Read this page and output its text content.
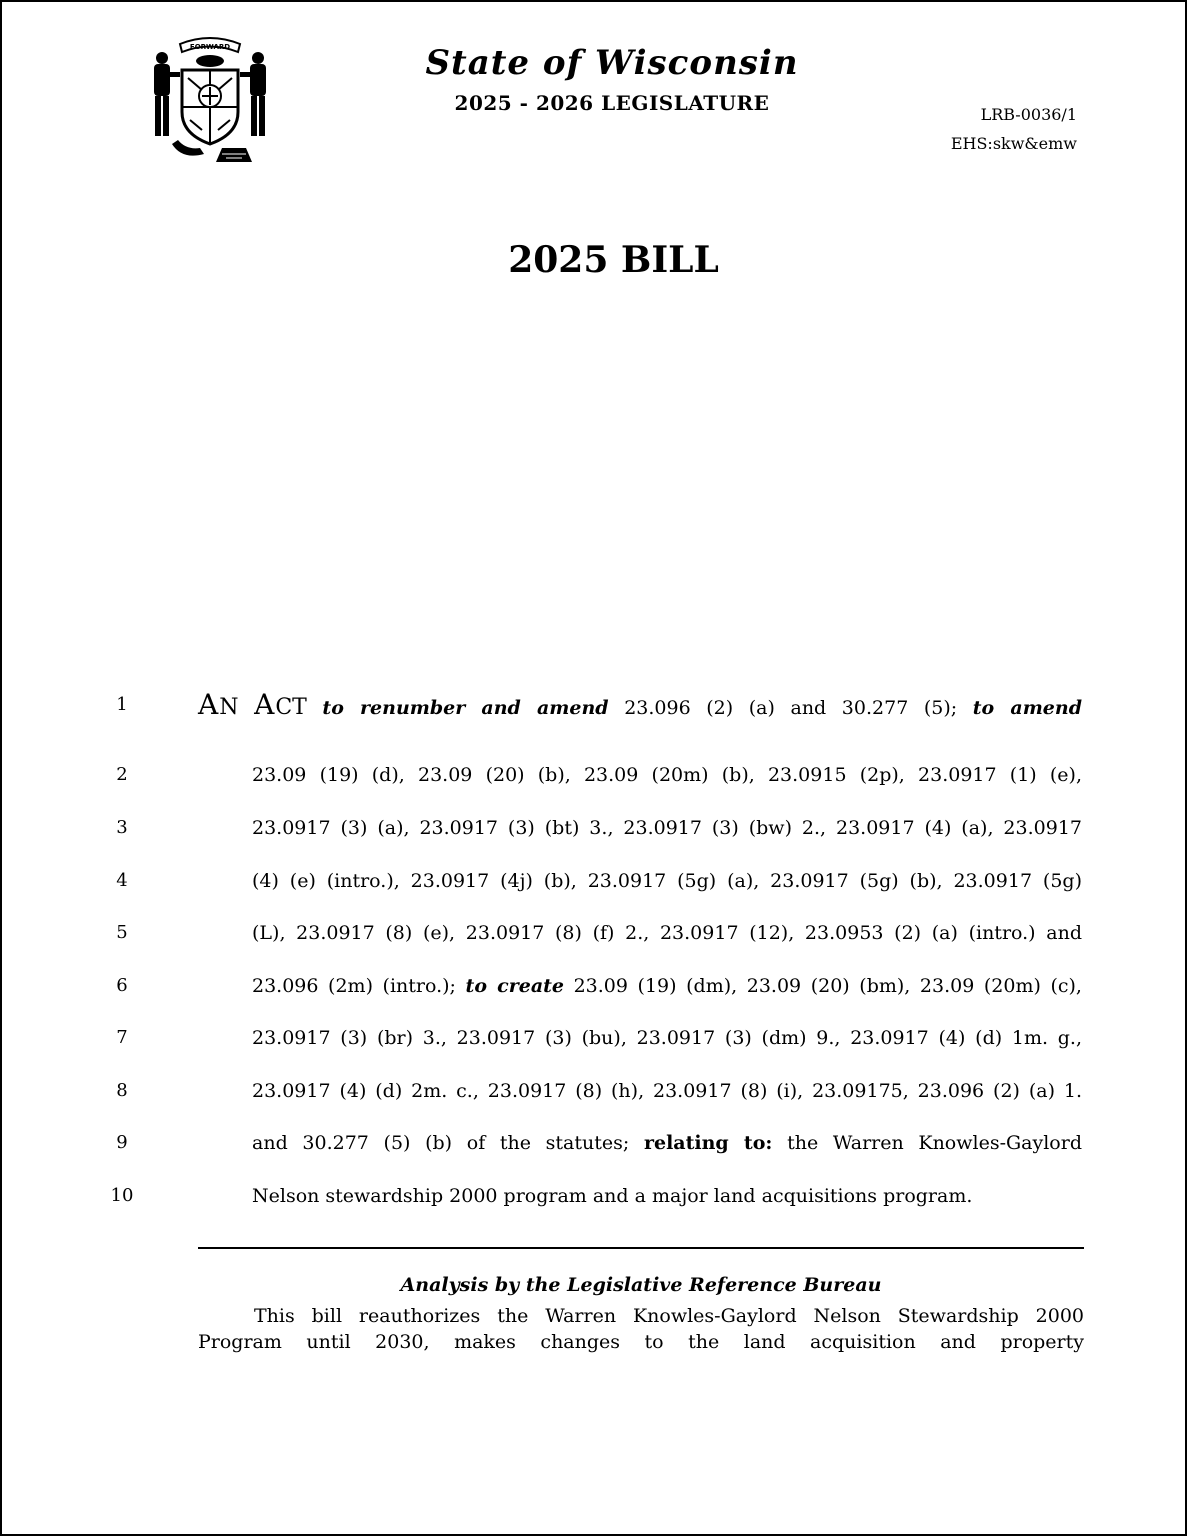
FORWARD	State of Wisconsin
2025 - 2026 LEGISLATURE	LRB-0036/1
EHS:skw&emw
2025 BILL
1	AN ACT to renumber and amend 23.096 (2) (a) and 30.277 (5); to amend
2	23.09 (19) (d), 23.09 (20) (b), 23.09 (20m) (b), 23.0915 (2p), 23.0917 (1) (e),
3	23.0917 (3) (a), 23.0917 (3) (bt) 3., 23.0917 (3) (bw) 2., 23.0917 (4) (a), 23.0917
4	(4) (e) (intro.), 23.0917 (4j) (b), 23.0917 (5g) (a), 23.0917 (5g) (b), 23.0917 (5g)
5	(L), 23.0917 (8) (e), 23.0917 (8) (f) 2., 23.0917 (12), 23.0953 (2) (a) (intro.) and
6	23.096 (2m) (intro.); to create 23.09 (19) (dm), 23.09 (20) (bm), 23.09 (20m) (c),
7	23.0917 (3) (br) 3., 23.0917 (3) (bu), 23.0917 (3) (dm) 9., 23.0917 (4) (d) 1m. g.,
8	23.0917 (4) (d) 2m. c., 23.0917 (8) (h), 23.0917 (8) (i), 23.09175, 23.096 (2) (a) 1.
9	and 30.277 (5) (b) of the statutes; relating to: the Warren Knowles-Gaylord
10	Nelson stewardship 2000 program and a major land acquisitions program.
Analysis by the Legislative Reference Bureau
This bill reauthorizes the Warren Knowles-Gaylord Nelson Stewardship 2000
Program until 2030, makes changes to the land acquisition and property
